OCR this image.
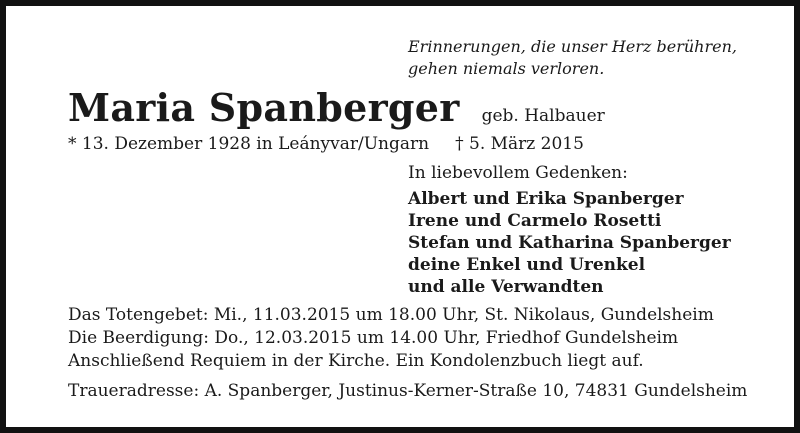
Erinnerungen, die unser Herz berühren,
gehen niemals verloren.

Maria Spanberger geb. Halbauer
* 13. Dezember 1928 in Leányvar/Ungarn † 5. März 2015
In liebevollem Gedenken:
Albert und Erika Spanberger
Irene und Carmelo Rosetti
Stefan und Katharina Spanberger
deine Enkel und Urenkel
und alle Verwandten
Das Totengebet: Mi., 11.03.2015 um 18.00 Uhr, St. Nikolaus, Gundelsheim
Die Beerdigung: Do., 12.03.2015 um 14.00 Uhr, Friedhof Gundelsheim
Anschließend Requiem in der Kirche. Ein Kondolenzbuch liegt auf.
Traueradresse: A. Spanberger, Justinus-Kerner-Straße 10, 74831 Gundelsheim
